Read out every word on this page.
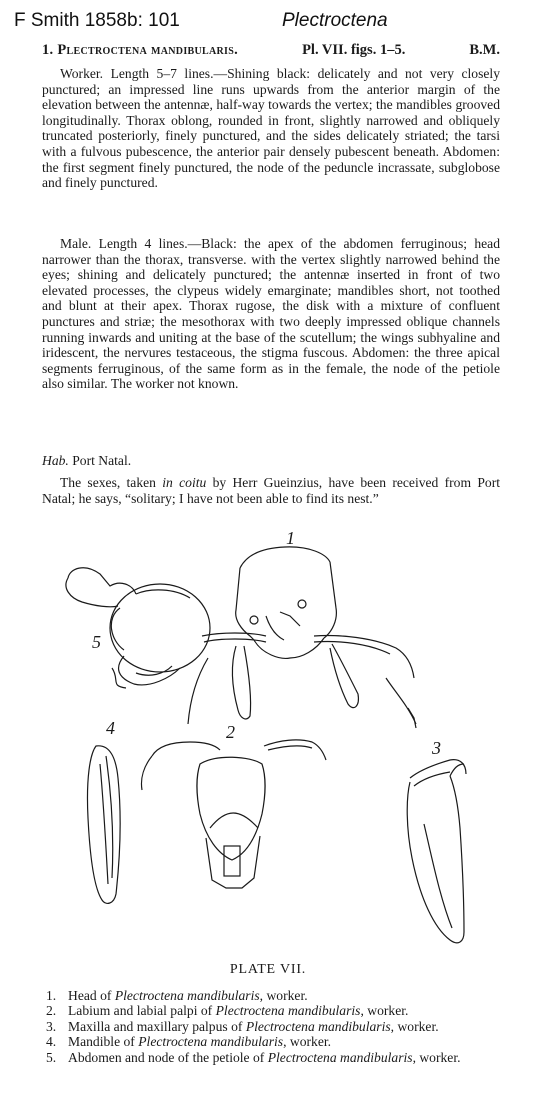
F Smith 1858b: 101	Plectroctena
1. Plectroctena mandibularis.	Pl. VII. figs. 1–5.	B.M.

Worker. Length 5–7 lines.—Shining black: delicately and not very closely punctured; an impressed line runs upwards from the anterior margin of the elevation between the antennæ, half-way towards the vertex; the mandibles grooved longitudinally. Thorax oblong, rounded in front, slightly narrowed and obliquely truncated posteriorly, finely punctured, and the sides delicately striated; the tarsi with a fulvous pubescence, the anterior pair densely pubescent beneath. Abdomen: the first segment finely punctured, the node of the peduncle incrassate, subglobose and finely punctured.

Male. Length 4 lines.—Black: the apex of the abdomen ferruginous; head narrower than the thorax, transverse. with the vertex slightly narrowed behind the eyes; shining and delicately punctured; the antennæ inserted in front of two elevated processes, the clypeus widely emarginate; mandibles short, not toothed and blunt at their apex. Thorax rugose, the disk with a mixture of confluent punctures and striæ; the mesothorax with two deeply impressed oblique channels running inwards and uniting at the base of the scutellum; the wings subhyaline and iridescent, the nervures testaceous, the stigma fuscous. Abdomen: the three apical segments ferruginous, of the same form as in the female, the node of the petiole also similar. The worker not known.

Hab. Port Natal.

The sexes, taken in coitu by Herr Gueinzius, have been received from Port Natal; he says, “solitary; I have not been able to find its nest.”

5
1
4	2
3
PLATE VII.
1. Head of Plectroctena mandibularis, worker.
2. Labium and labial palpi of Plectroctena mandibularis, worker.
3. Maxilla and maxillary palpus of Plectroctena mandibularis, worker.
4. Mandible of Plectroctena mandibularis, worker.
5. Abdomen and node of the petiole of Plectroctena mandibularis, worker.
